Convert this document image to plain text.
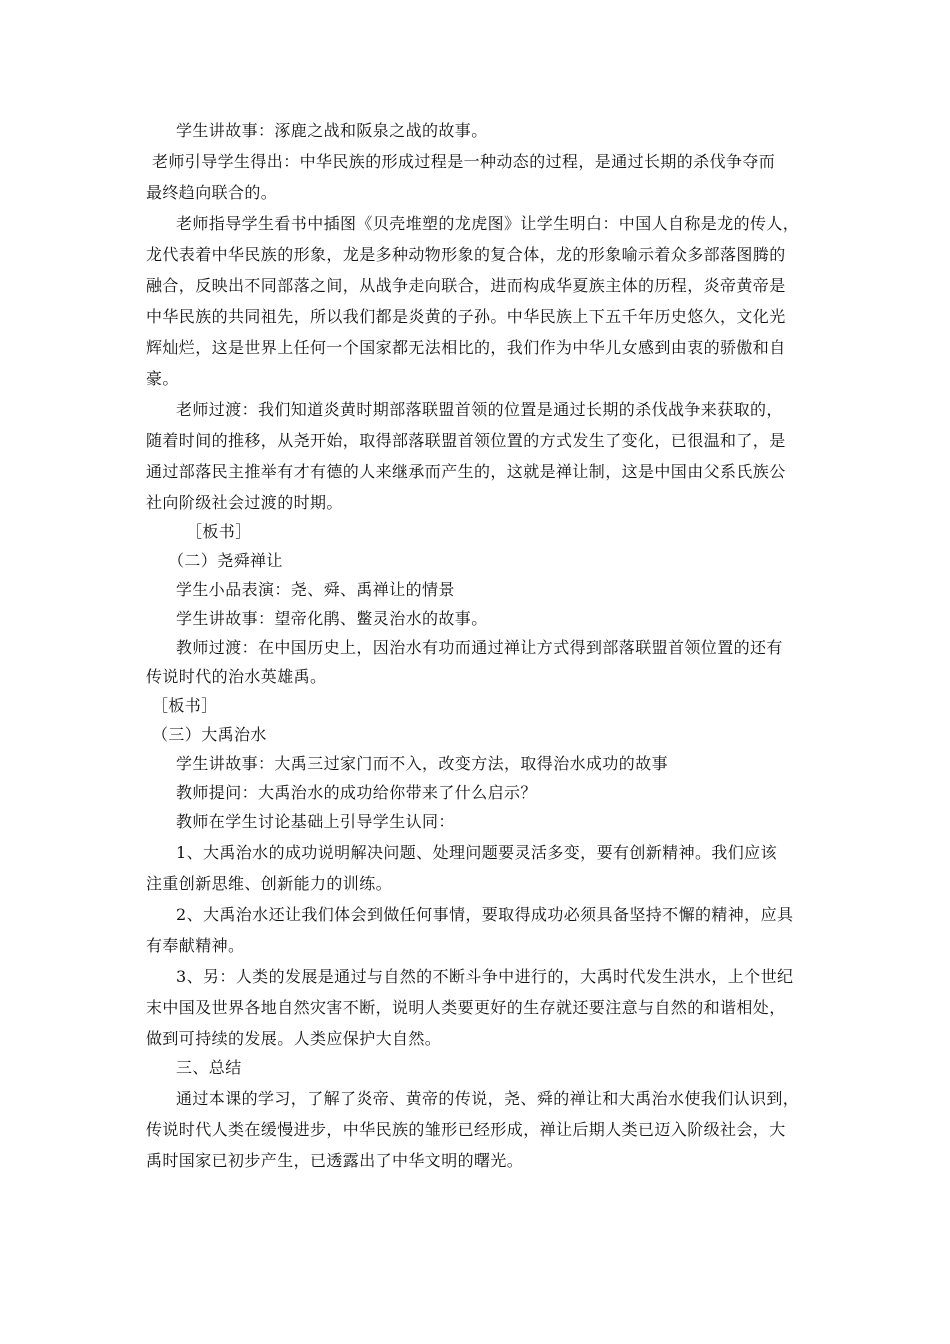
学生讲故事：涿鹿之战和阪泉之战的故事。
老师引导学生得出：中华民族的形成过程是一种动态的过程，是通过长期的杀伐争夺而
最终趋向联合的。
老师指导学生看书中插图《贝壳堆塑的龙虎图》让学生明白：中国人自称是龙的传人，
龙代表着中华民族的形象，龙是多种动物形象的复合体，龙的形象喻示着众多部落图腾的
融合，反映出不同部落之间，从战争走向联合，进而构成华夏族主体的历程，炎帝黄帝是
中华民族的共同祖先，所以我们都是炎黄的子孙。中华民族上下五千年历史悠久，文化光
辉灿烂，这是世界上任何一个国家都无法相比的，我们作为中华儿女感到由衷的骄傲和自
豪。
老师过渡：我们知道炎黄时期部落联盟首领的位置是通过长期的杀伐战争来获取的，
随着时间的推移，从尧开始，取得部落联盟首领位置的方式发生了变化，已很温和了，是
通过部落民主推举有才有德的人来继承而产生的，这就是禅让制，这是中国由父系氏族公
社向阶级社会过渡的时期。
［板书］
（二）尧舜禅让
学生小品表演：尧、舜、禹禅让的情景
学生讲故事：望帝化鹃、鳖灵治水的故事。
教师过渡：在中国历史上，因治水有功而通过禅让方式得到部落联盟首领位置的还有
传说时代的治水英雄禹。
［板书］
（三）大禹治水
学生讲故事：大禹三过家门而不入，改变方法，取得治水成功的故事
教师提问：大禹治水的成功给你带来了什么启示？
教师在学生讨论基础上引导学生认同：
1、大禹治水的成功说明解决问题、处理问题要灵活多变，要有创新精神。我们应该
注重创新思维、创新能力的训练。
2、大禹治水还让我们体会到做任何事情，要取得成功必须具备坚持不懈的精神，应具
有奉献精神。
3、另：人类的发展是通过与自然的不断斗争中进行的，大禹时代发生洪水，上个世纪
末中国及世界各地自然灾害不断，说明人类要更好的生存就还要注意与自然的和谐相处，
做到可持续的发展。人类应保护大自然。
三、总结
通过本课的学习，了解了炎帝、黄帝的传说，尧、舜的禅让和大禹治水使我们认识到，
传说时代人类在缓慢进步，中华民族的雏形已经形成，禅让后期人类已迈入阶级社会，大
禹时国家已初步产生，已透露出了中华文明的曙光。
